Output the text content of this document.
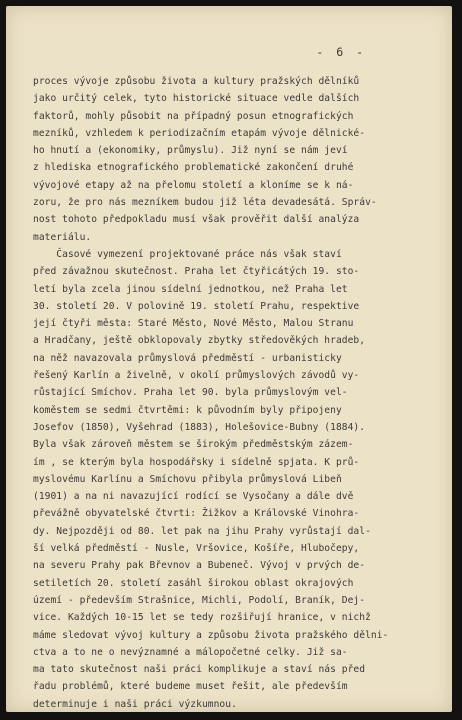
- 6 -
proces vývoje způsobu života a kultury pražských dělníků
jako určitý celek, tyto historické situace vedle dalších
faktorů, mohly působit na případný posun etnografických
mezníků, vzhledem k periodizačním etapám vývoje dělnické-
ho hnutí a (ekonomiky, průmyslu). Již nyní se nám jeví
z hlediska etnografického problematické zakončení druhé
vývojové etapy až na přelomu století a kloníme se k ná-
zoru, že pro nás mezníkem budou již léta devadesátá. Správ-
nost tohoto předpokladu musí však prověřit další analýza
materiálu.
Časové vymezení projektované práce nás však staví
před závažnou skutečnost. Praha let čtyřicátých 19. sto-
letí byla zcela jinou sídelní jednotkou, než Praha let
30. století 20. V polovině 19. století Prahu, respektive
její čtyři města: Staré Město, Nové Město, Malou Stranu
a Hradčany, ještě obklopovaly zbytky středověkých hradeb,
na něž navazovala průmyslová předměstí - urbanisticky
řešený Karlín a živelně, v okolí průmyslových závodů vy-
růstající Smíchov. Praha let 90. byla průmyslovým vel-
koměstem se sedmi čtvrtěmi: k původním byly připojeny
Josefov (1850), Vyšehrad (1883), Holešovice-Bubny (1884).
Byla však zároveň městem se širokým předměstským zázem-
ím , se kterým byla hospodářsky i sídelně spjata. K prů-
myslovému Karlínu a Smíchovu přibyla průmyslová Libeň
(1901) a na ni navazující rodící se Vysočany a dále dvě
převážně obyvatelské čtvrti: Žižkov a Královské Vinohra-
dy. Nejpozději od 80. let pak na jihu Prahy vyrůstají dal-
ší velká předměstí - Nusle, Vršovice, Košíře, Hlubočepy,
na severu Prahy pak Břevnov a Bubeneč. Vývoj v prvých de-
setiletích 20. století zasáhl širokou oblast okrajových
území - především Strašnice, Michli, Podolí, Braník, Dej-
vice. Každých 10-15 let se tedy rozšiřují hranice, v nichž
máme sledovat vývoj kultury a způsobu života pražského dělni-
ctva a to ne o nevýznamné a málopočetné celky. Již sa-
ma tato skutečnost naši práci komplikuje a staví nás před
řadu problémů, které budeme muset řešit, ale především
determinuje i naši práci výzkumnou.
